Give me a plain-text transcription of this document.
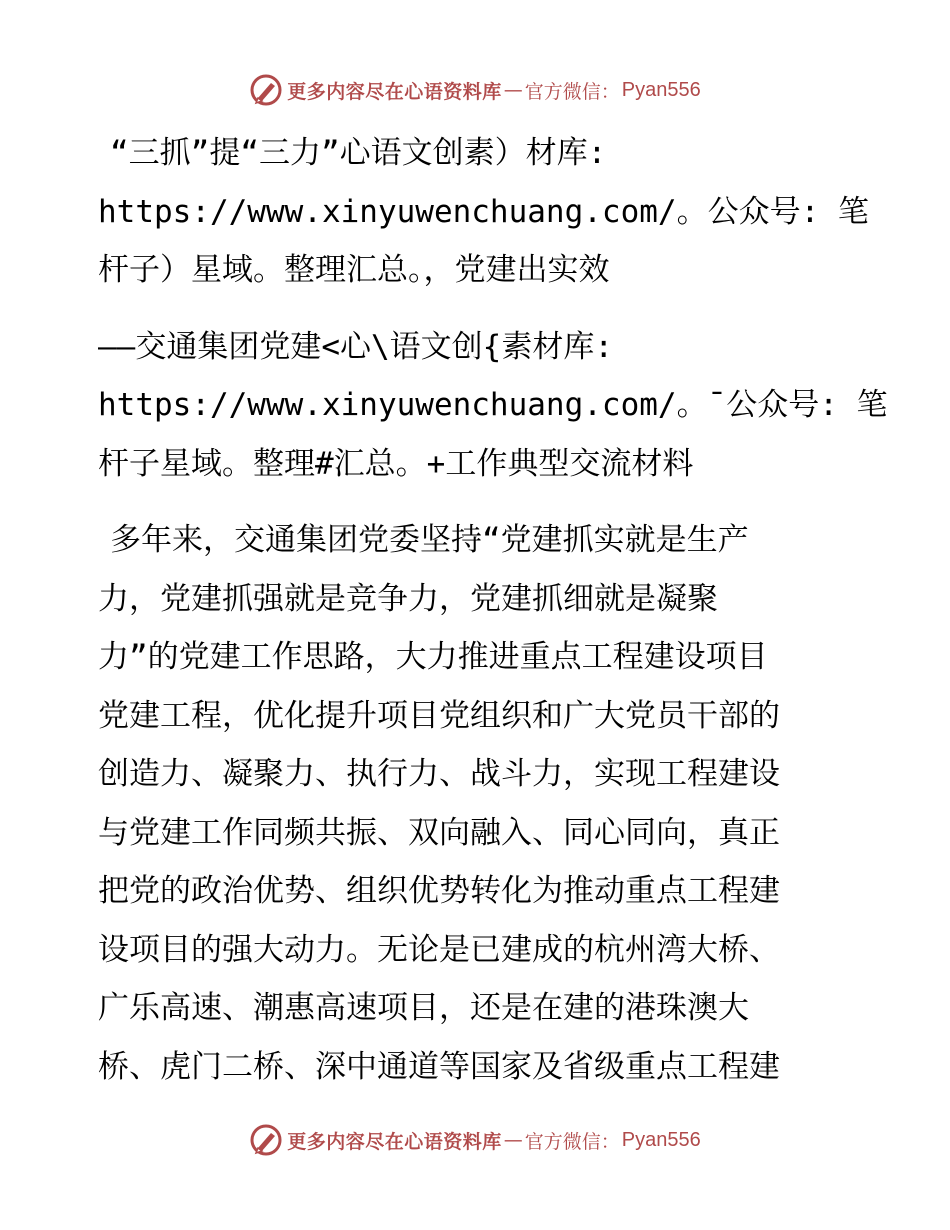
更多内容尽在心语资料库 — 官方微信： Pyan556

“三抓”提“三力”心语文创素）材库:
https://www.xinyuwenchuang.com/。公众号: 笔
杆子）星域。整理汇总。，党建出实效

——交通集团党建<心\语文创{素材库:
https://www.xinyuwenchuang.com/。¯公众号: 笔
杆子星域。整理#汇总。+工作典型交流材料

多年来，交通集团党委坚持“党建抓实就是生产
力，党建抓强就是竞争力，党建抓细就是凝聚
力”的党建工作思路，大力推进重点工程建设项目
党建工程，优化提升项目党组织和广大党员干部的
创造力、凝聚力、执行力、战斗力，实现工程建设
与党建工作同频共振、双向融入、同心同向，真正
把党的政治优势、组织优势转化为推动重点工程建
设项目的强大动力。无论是已建成的杭州湾大桥、
广乐高速、潮惠高速项目，还是在建的港珠澳大
桥、虎门二桥、深中通道等国家及省级重点工程建

更多内容尽在心语资料库 — 官方微信： Pyan556
